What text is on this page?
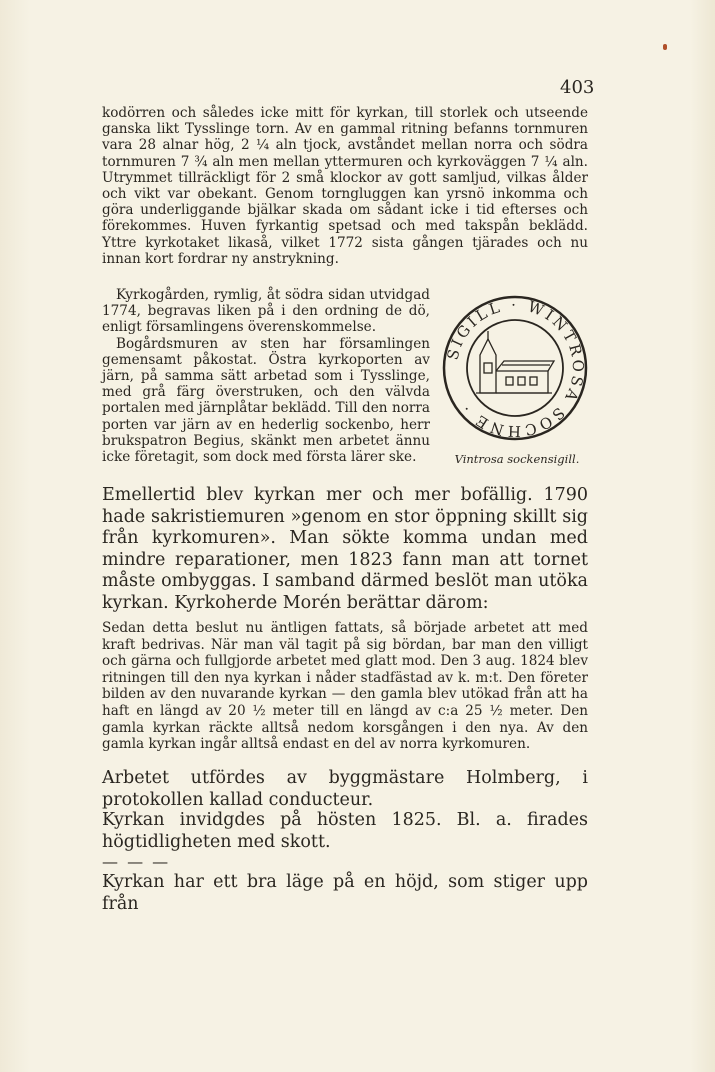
403

kodörren och således icke mitt för kyrkan, till storlek och utseende ganska likt Tysslinge torn. Av en gammal ritning befanns tornmuren vara 28 alnar hög, 2 ¼ aln tjock, avståndet mellan norra och södra tornmuren 7 ¾ aln men mellan yttermuren och kyrkoväggen 7 ¼ aln. Utrymmet tillräckligt för 2 små klockor av gott samljud, vilkas ålder och vikt var obekant. Genom torngluggen kan yrsnö inkomma och göra underliggande bjälkar skada om sådant icke i tid efterses och förekommes. Huven fyrkantig spetsad och med takspån beklädd. Yttre kyrkotaket likaså, vilket 1772 sista gången tjärades och nu innan kort fordrar ny anstrykning.

Kyrkogården, rymlig, åt södra sidan utvidgad 1774, begravas liken på i den ordning de dö, enligt församlingens överenskommelse.

Bogårdsmuren av sten har församlingen gemensamt påkostat. Östra kyrkoporten av järn, på samma sätt arbetad som i Tysslinge, med grå färg överstruken, och den välvda portalen med järnplåtar beklädd. Till den norra porten var järn av en hederlig sockenbo, herr brukspatron Begius, skänkt men arbetet ännu icke företagit, som dock med första lärer ske.

SIGILL · WINTROSA SOCHNE ·
Vintrosa sockensigill.

Emellertid blev kyrkan mer och mer bofällig. 1790 hade sakristiemuren »genom en stor öppning skillt sig från kyrkomuren». Man sökte komma undan med mindre reparationer, men 1823 fann man att tornet måste ombyggas. I samband därmed beslöt man utöka kyrkan. Kyrkoherde Morén berättar därom:

Sedan detta beslut nu äntligen fattats, så började arbetet att med kraft bedrivas. När man väl tagit på sig bördan, bar man den villigt och gärna och fullgjorde arbetet med glatt mod. Den 3 aug. 1824 blev ritningen till den nya kyrkan i nåder stadfästad av k. m:t. Den företer bilden av den nuvarande kyrkan — den gamla blev utökad från att ha haft en längd av 20 ½ meter till en längd av c:a 25 ½ meter. Den gamla kyrkan räckte alltså nedom korsgången i den nya. Av den gamla kyrkan ingår alltså endast en del av norra kyrkomuren.

Arbetet utfördes av byggmästare Holmberg, i protokollen kallad conducteur.

Kyrkan invidgdes på hösten 1825. Bl. a. firades högtidligheten med skott.

— — —

Kyrkan har ett bra läge på en höjd, som stiger upp från
